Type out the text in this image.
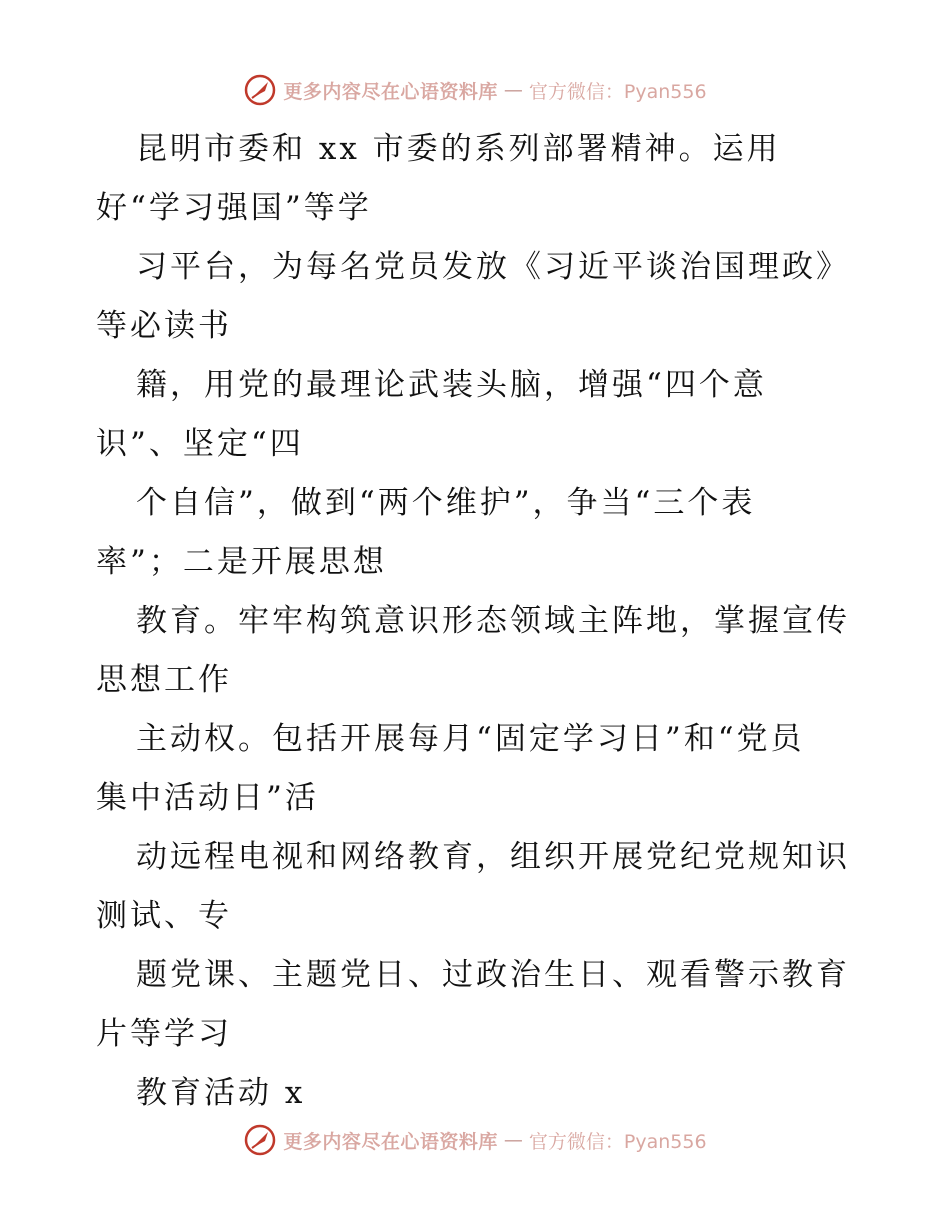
更多内容尽在心语资料库 — 官方微信：Pyan556
昆明市委和 xx 市委的系列部署精神。运用
好“学习强国”等学
习平台，为每名党员发放《习近平谈治国理政》
等必读书
籍，用党的最理论武装头脑，增强“四个意
识”、坚定“四
个自信”，做到“两个维护”，争当“三个表
率”；二是开展思想
教育。牢牢构筑意识形态领域主阵地，掌握宣传
思想工作
主动权。包括开展每月“固定学习日”和“党员
集中活动日”活
动远程电视和网络教育，组织开展党纪党规知识
测试、专
题党课、主题党日、过政治生日、观看警示教育
片等学习
教育活动 x
更多内容尽在心语资料库 — 官方微信：Pyan556
